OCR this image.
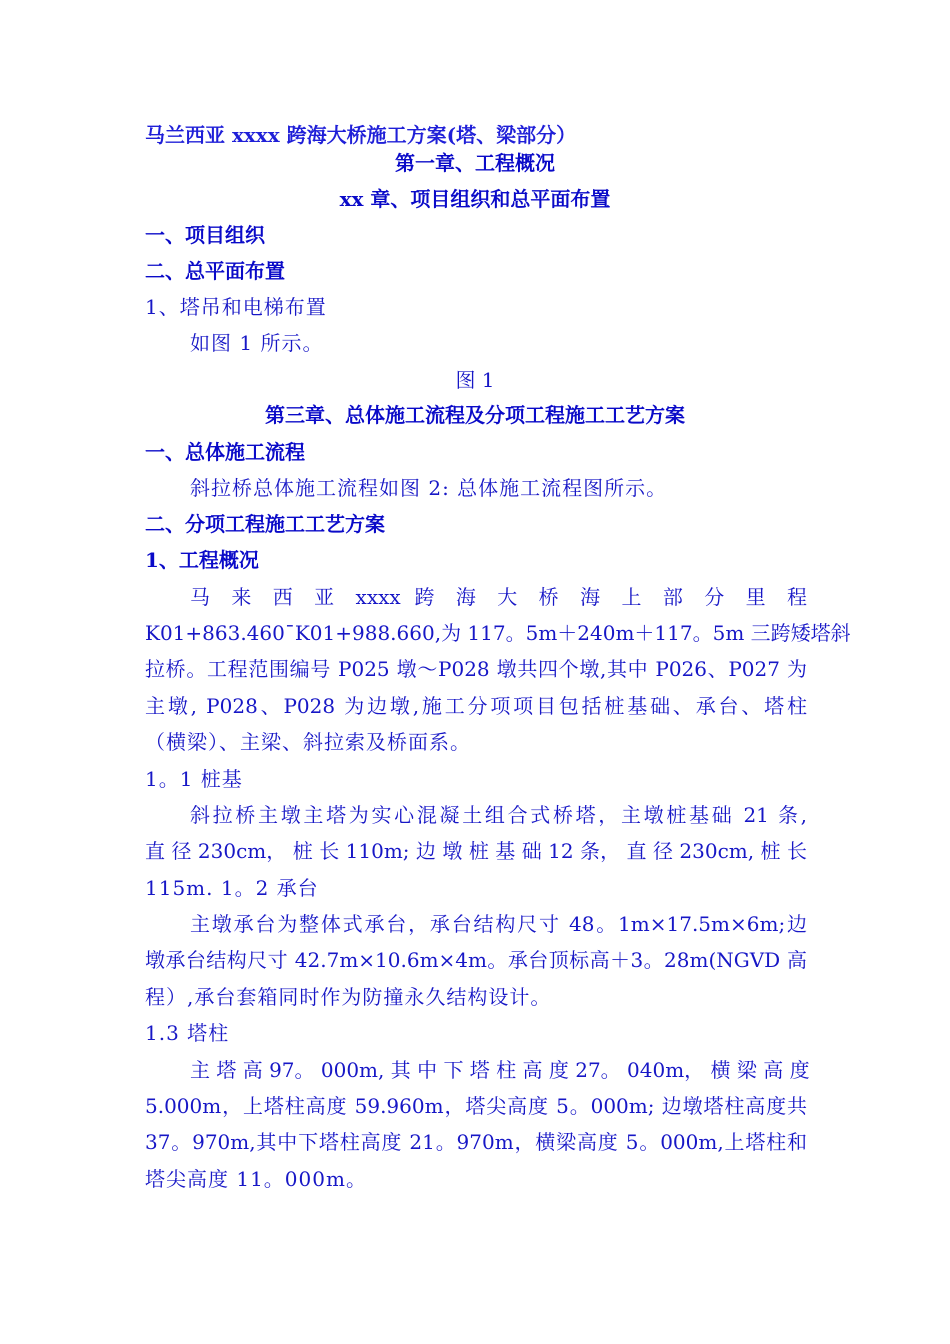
马兰西亚 xxxx 跨海大桥施工方案(塔、梁部分）
第一章、工程概况
xx 章、项目组织和总平面布置
一、项目组织
二、总平面布置
1、塔吊和电梯布置
如图 1 所示。
图 1
第三章、总体施工流程及分项工程施工工艺方案
一、总体施工流程
斜拉桥总体施工流程如图 2: 总体施工流程图所示。
二、分项工程施工工艺方案
1、工程概况
马 来 西 亚 xxxx 跨 海 大 桥 海 上 部 分 里 程
K01+863.460¯K01+988.660,为 117。5m＋240m＋117。5m 三跨矮塔斜
拉桥。工程范围编号 P025 墩～P028 墩共四个墩,其中 P026、P027 为
主墩, P028、P028 为边墩,施工分项项目包括桩基础、承台、塔柱
（横梁）、主梁、斜拉索及桥面系。
1。1 桩基
斜拉桥主墩主塔为实心混凝土组合式桥塔，主墩桩基础 21 条,
直 径 230cm， 桩 长 110m; 边 墩 桩 基 础 12 条， 直 径 230cm, 桩 长
115m. 1。2 承台
主墩承台为整体式承台，承台结构尺寸 48。1m×17.5m×6m;边
墩承台结构尺寸 42.7m×10.6m×4m。承台顶标高＋3。28m(NGVD 高
程）,承台套箱同时作为防撞永久结构设计。
1.3 塔柱
主 塔 高 97。 000m, 其 中 下 塔 柱 高 度 27。 040m， 横 梁 高 度
5.000m，上塔柱高度 59.960m，塔尖高度 5。000m; 边墩塔柱高度共
37。970m,其中下塔柱高度 21。970m，横梁高度 5。000m,上塔柱和
塔尖高度 11。000m。
